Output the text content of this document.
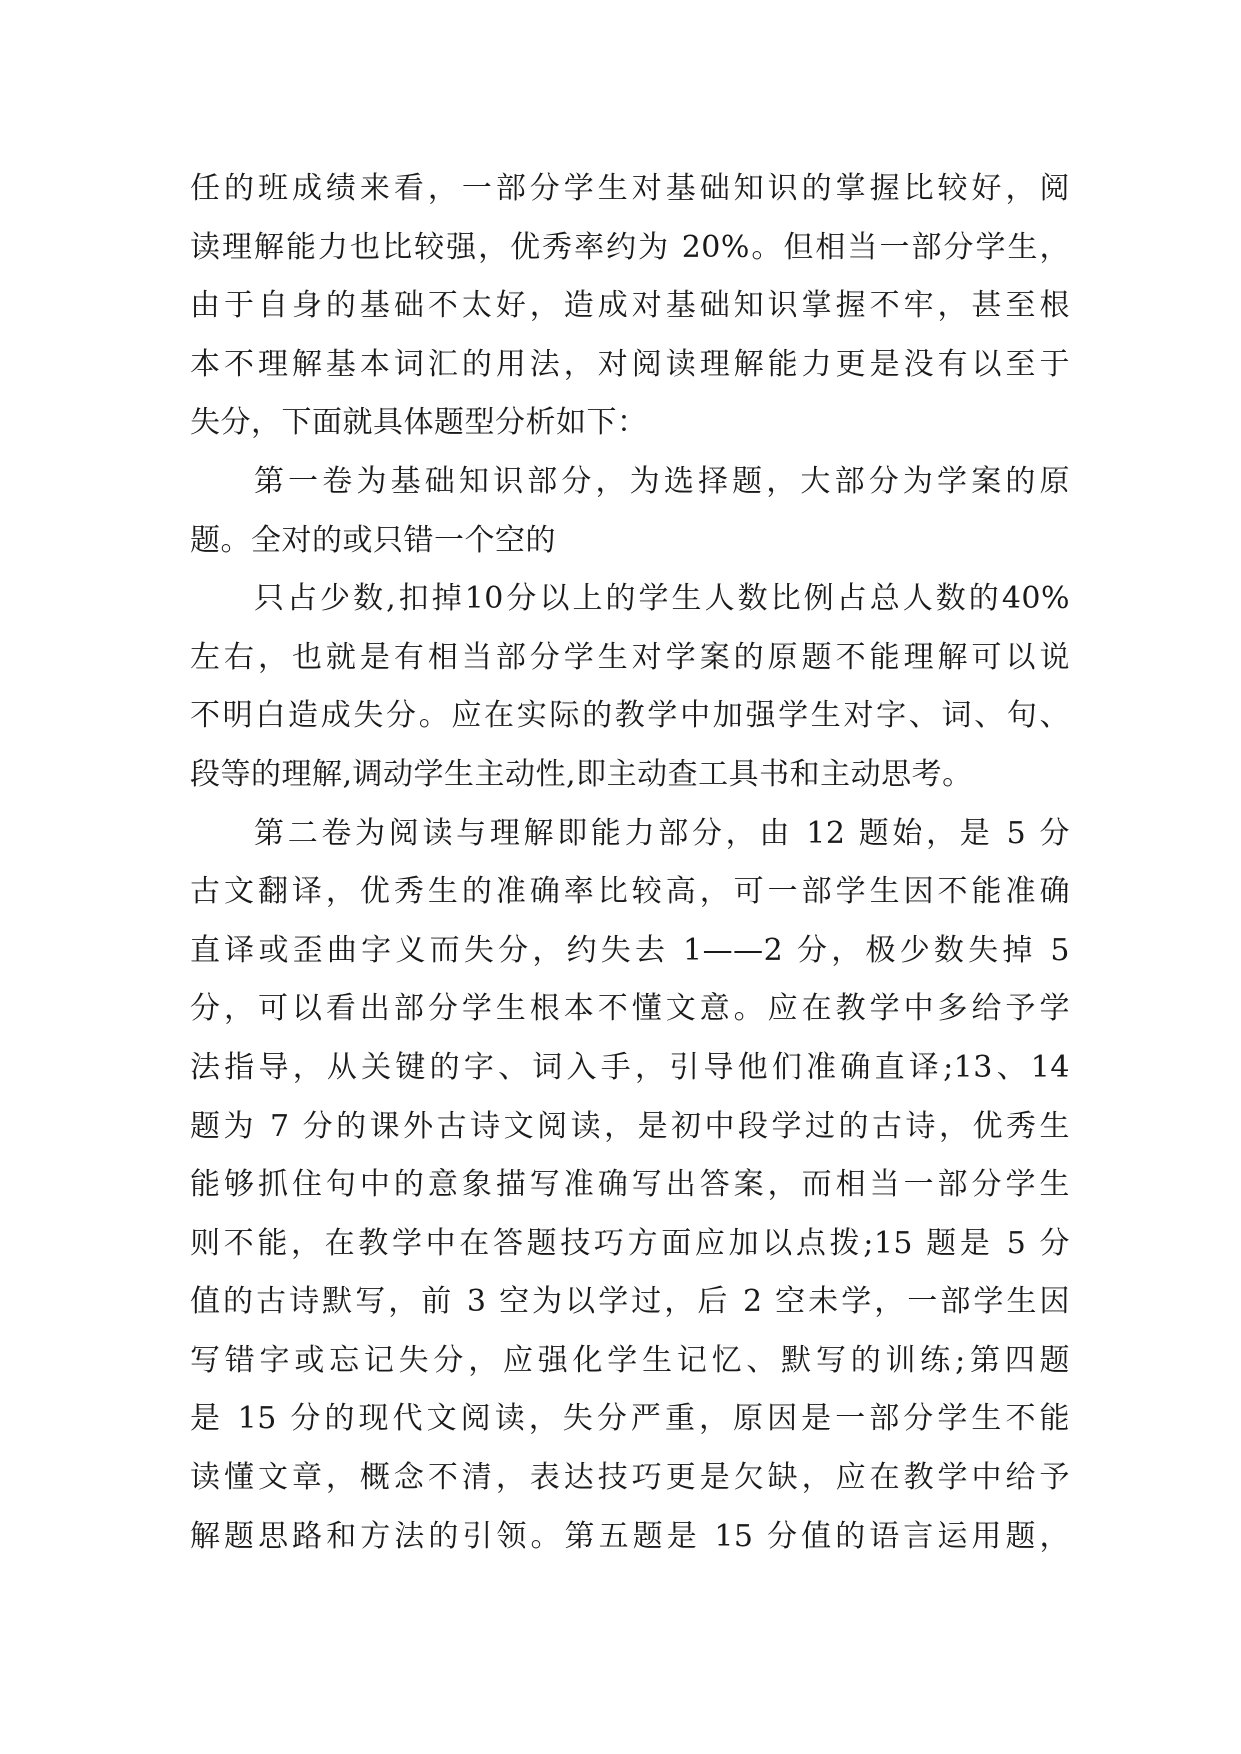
任的班成绩来看，一部分学生对基础知识的掌握比较好，阅
读理解能力也比较强，优秀率约为 20%。但相当一部分学生，
由于自身的基础不太好，造成对基础知识掌握不牢，甚至根
本不理解基本词汇的用法，对阅读理解能力更是没有以至于
失分，下面就具体题型分析如下：
第一卷为基础知识部分，为选择题，大部分为学案的原
题。全对的或只错一个空的
只占少数,扣掉10分以上的学生人数比例占总人数的40%
左右，也就是有相当部分学生对学案的原题不能理解可以说
不明白造成失分。应在实际的教学中加强学生对字、词、句、
段等的理解,调动学生主动性,即主动查工具书和主动思考。
第二卷为阅读与理解即能力部分，由 12 题始，是 5 分
古文翻译，优秀生的准确率比较高，可一部学生因不能准确
直译或歪曲字义而失分，约失去 1——2 分，极少数失掉 5
分，可以看出部分学生根本不懂文意。应在教学中多给予学
法指导，从关键的字、词入手，引导他们准确直译;13、14
题为 7 分的课外古诗文阅读，是初中段学过的古诗，优秀生
能够抓住句中的意象描写准确写出答案，而相当一部分学生
则不能，在教学中在答题技巧方面应加以点拨;15 题是 5 分
值的古诗默写，前 3 空为以学过，后 2 空未学，一部学生因
写错字或忘记失分，应强化学生记忆、默写的训练;第四题
是 15 分的现代文阅读，失分严重，原因是一部分学生不能
读懂文章，概念不清，表达技巧更是欠缺，应在教学中给予
解题思路和方法的引领。第五题是 15 分值的语言运用题，
